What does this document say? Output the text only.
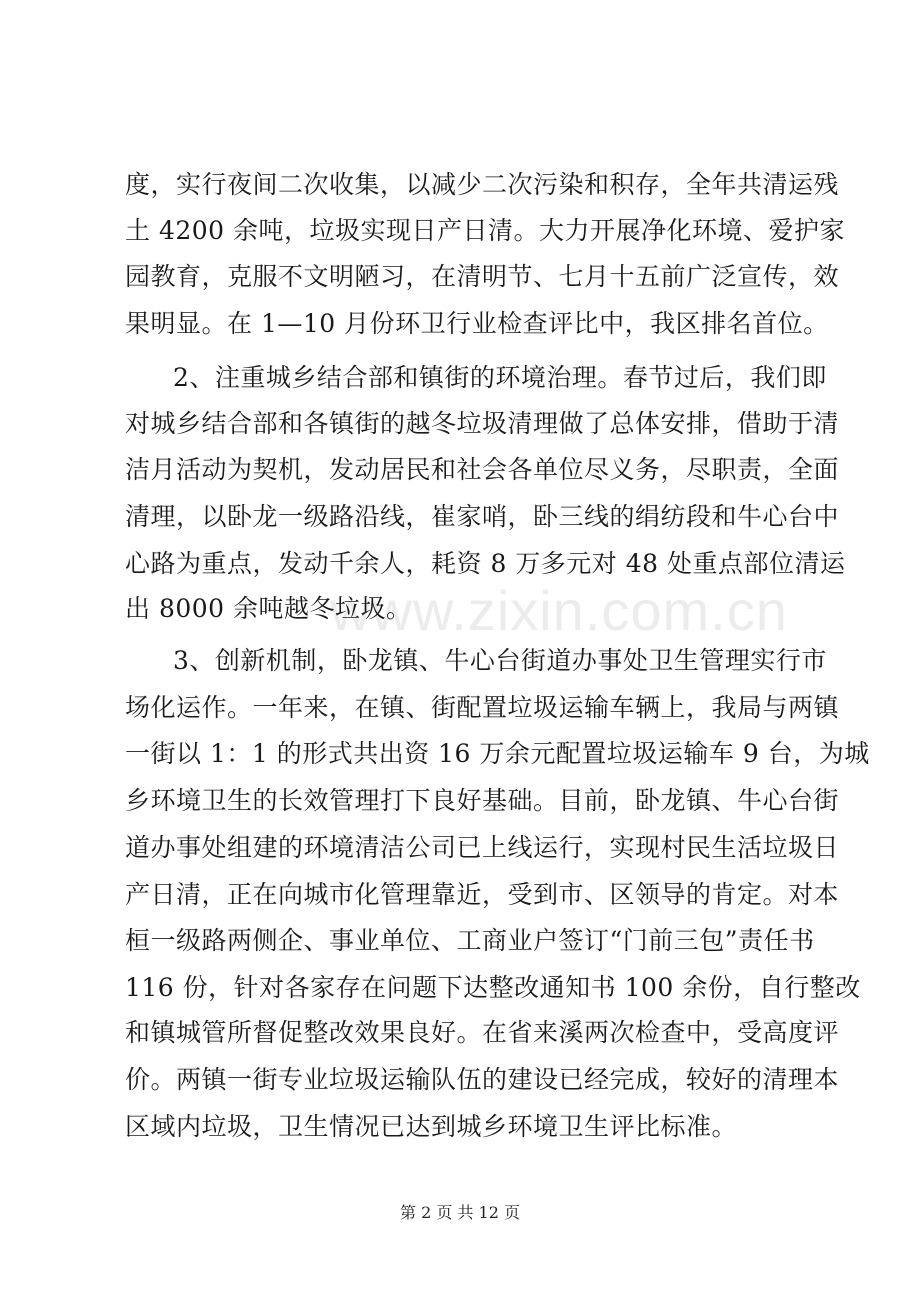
www.zixin.com.cn
度，实行夜间二次收集，以减少二次污染和积存，全年共清运残
土 4200 余吨，垃圾实现日产日清。大力开展净化环境、爱护家
园教育，克服不文明陋习，在清明节、七月十五前广泛宣传，效
果明显。在 1—10 月份环卫行业检查评比中，我区排名首位。
2、注重城乡结合部和镇街的环境治理。春节过后，我们即
对城乡结合部和各镇街的越冬垃圾清理做了总体安排，借助于清
洁月活动为契机，发动居民和社会各单位尽义务，尽职责，全面
清理，以卧龙一级路沿线，崔家哨，卧三线的绢纺段和牛心台中
心路为重点，发动千余人，耗资 8 万多元对 48 处重点部位清运
出 8000 余吨越冬垃圾。
3、创新机制，卧龙镇、牛心台街道办事处卫生管理实行市
场化运作。一年来，在镇、街配置垃圾运输车辆上，我局与两镇
一街以 1：1 的形式共出资 16 万余元配置垃圾运输车 9 台，为城
乡环境卫生的长效管理打下良好基础。目前，卧龙镇、牛心台街
道办事处组建的环境清洁公司已上线运行，实现村民生活垃圾日
产日清，正在向城市化管理靠近，受到市、区领导的肯定。对本
桓一级路两侧企、事业单位、工商业户签订“门前三包”责任书
116 份，针对各家存在问题下达整改通知书 100 余份，自行整改
和镇城管所督促整改效果良好。在省来溪两次检查中，受高度评
价。两镇一街专业垃圾运输队伍的建设已经完成，较好的清理本
区域内垃圾，卫生情况已达到城乡环境卫生评比标准。
第 2 页 共 12 页
